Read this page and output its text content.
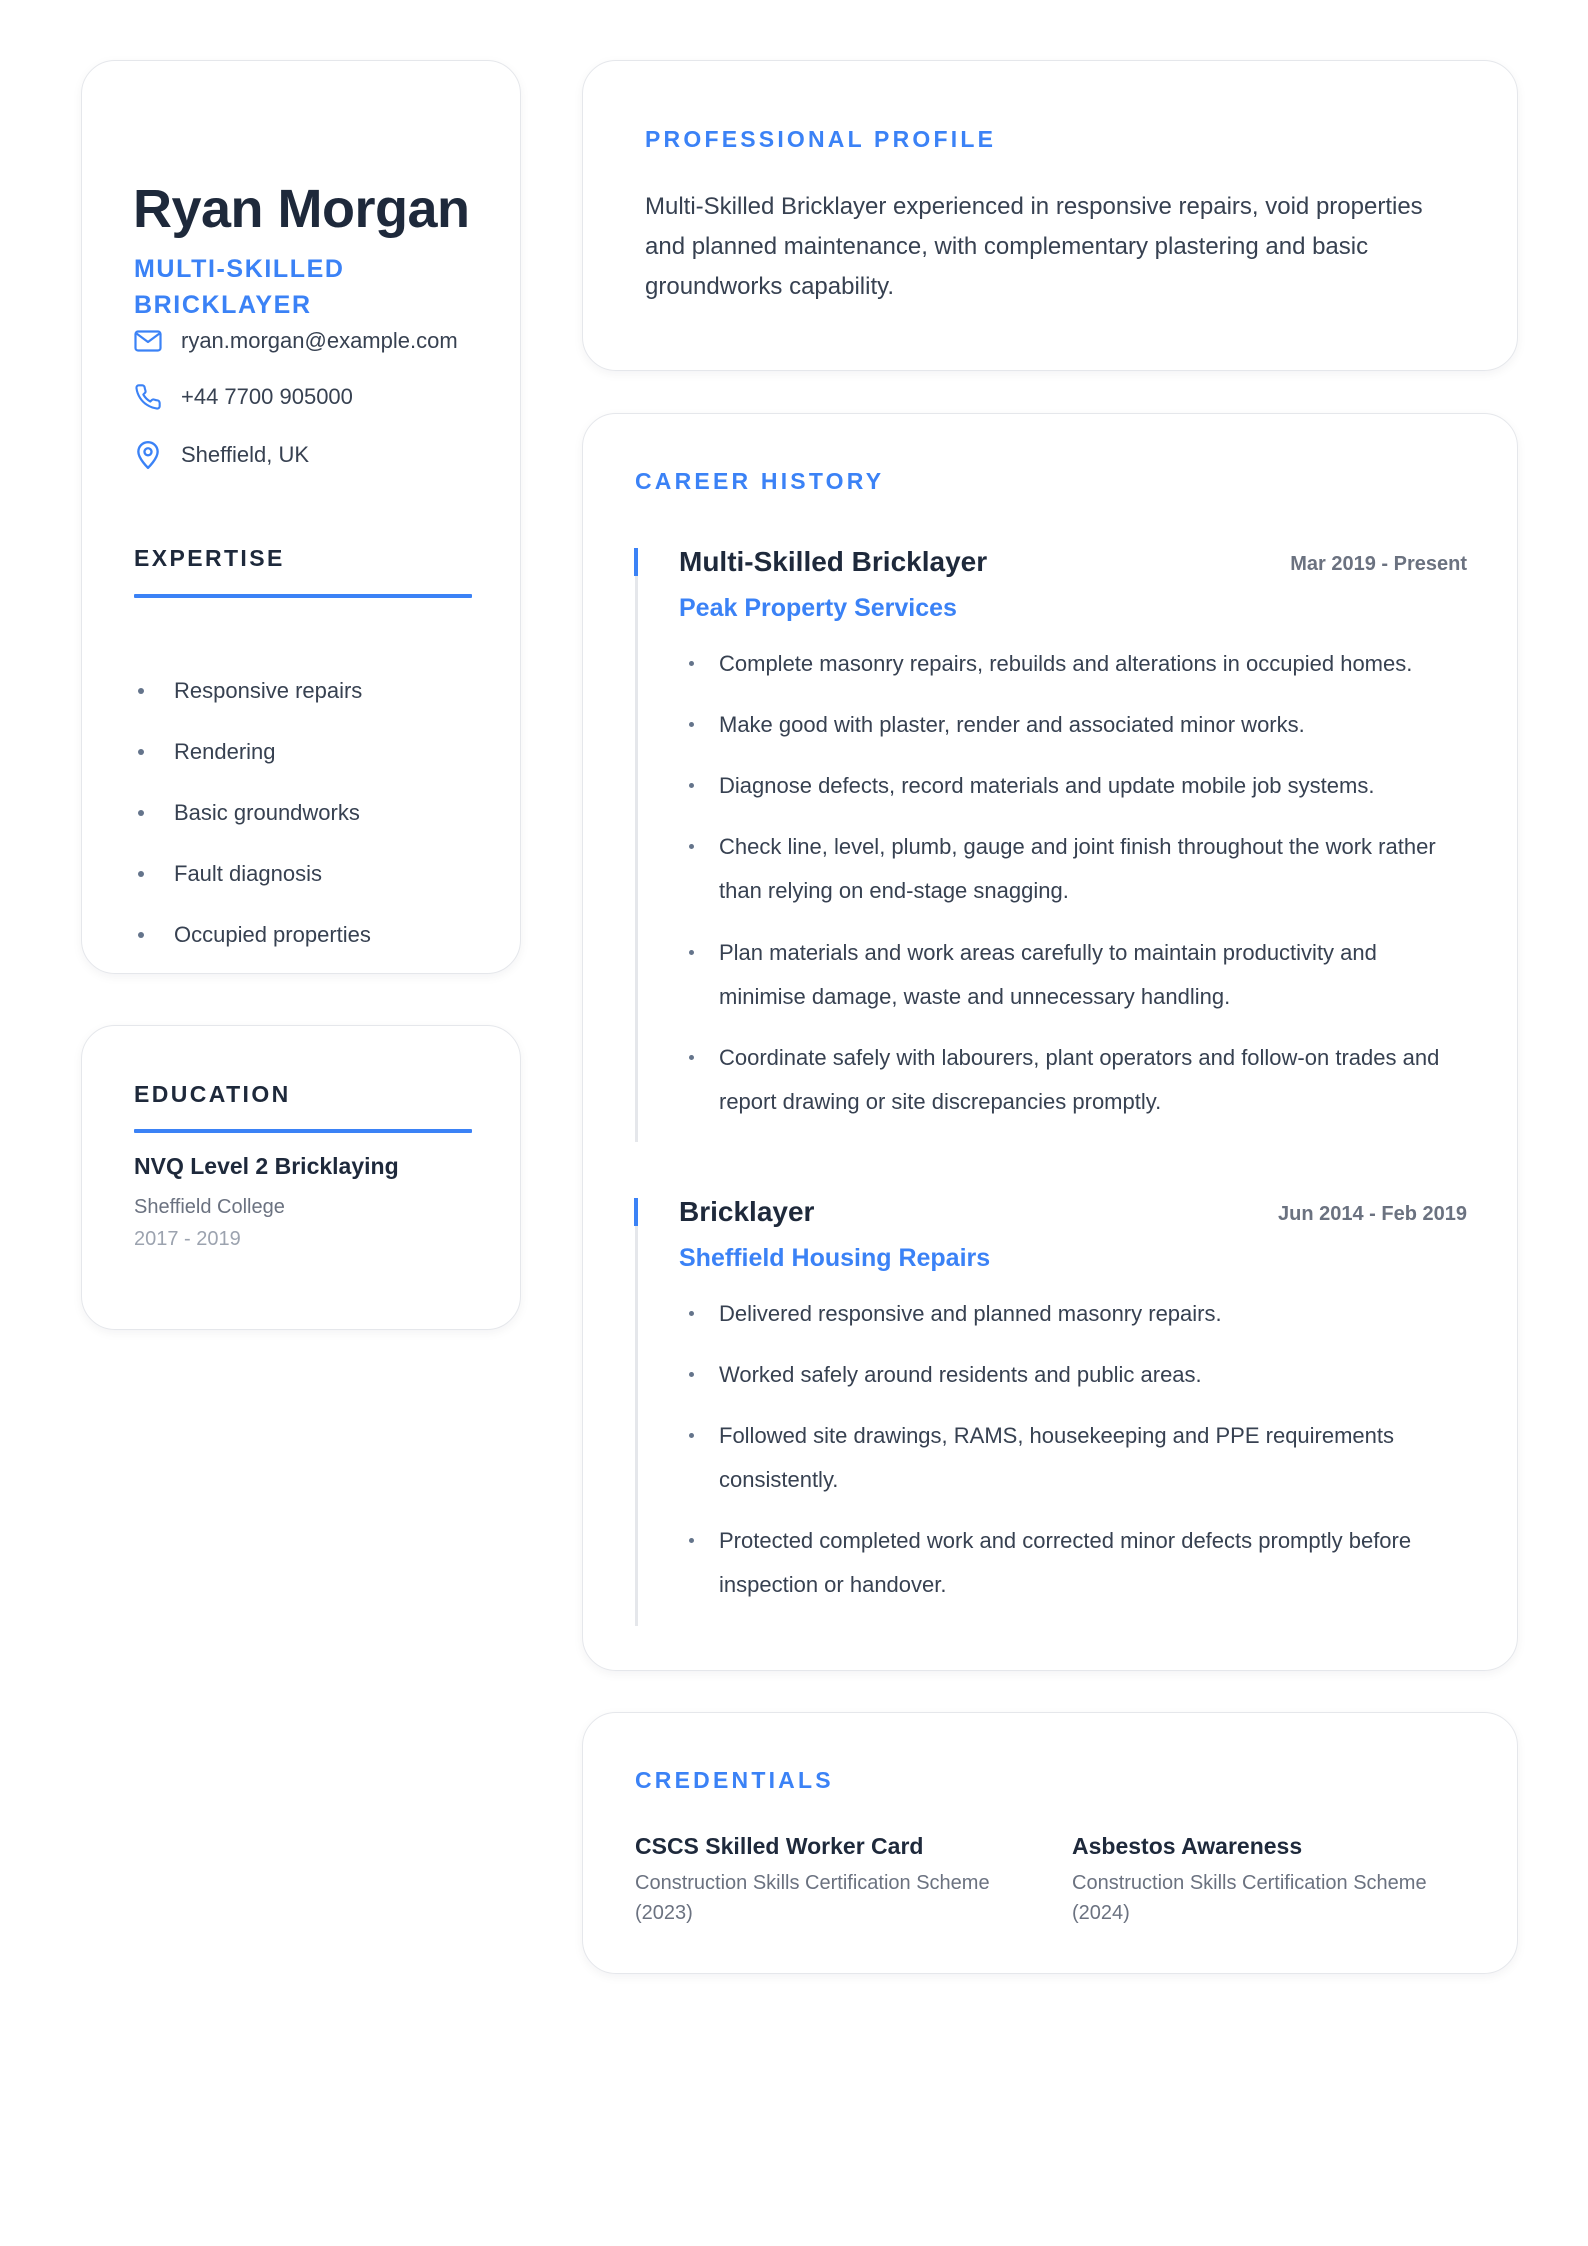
Ryan Morgan
MULTI-SKILLED BRICKLAYER
ryan.morgan@example.com
+44 7700 905000
Sheffield, UK
EXPERTISE
Responsive repairs
Rendering
Basic groundworks
Fault diagnosis
Occupied properties
EDUCATION
NVQ Level 2 Bricklaying
Sheffield College
2017 - 2019
PROFESSIONAL PROFILE
Multi-Skilled Bricklayer experienced in responsive repairs, void properties and planned maintenance, with complementary plastering and basic groundworks capability.
CAREER HISTORY
Multi-Skilled Bricklayer	Mar 2019 - Present
Peak Property Services
Complete masonry repairs, rebuilds and alterations in occupied homes.
Make good with plaster, render and associated minor works.
Diagnose defects, record materials and update mobile job systems.
Check line, level, plumb, gauge and joint finish throughout the work rather than relying on end-stage snagging.
Plan materials and work areas carefully to maintain productivity and minimise damage, waste and unnecessary handling.
Coordinate safely with labourers, plant operators and follow-on trades and report drawing or site discrepancies promptly.
Bricklayer	Jun 2014 - Feb 2019
Sheffield Housing Repairs
Delivered responsive and planned masonry repairs.
Worked safely around residents and public areas.
Followed site drawings, RAMS, housekeeping and PPE requirements consistently.
Protected completed work and corrected minor defects promptly before inspection or handover.
CREDENTIALS
CSCS Skilled Worker Card
Construction Skills Certification Scheme (2023)
Asbestos Awareness
Construction Skills Certification Scheme (2024)
